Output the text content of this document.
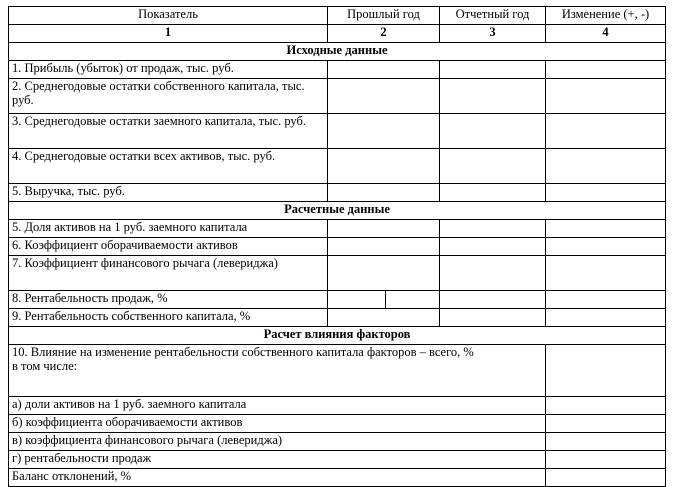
Показатель	Прошлый год	Отчетный год	Изменение (+, -)
1	2	3	4
Исходные данные			
1. Прибыль (убыток) от продаж, тыс. руб.			
2. Среднегодовые остатки собственного капитала, тыс. руб.			
3. Среднегодовые остатки заемного капитала, тыс. руб.			
4. Среднегодовые остатки всех активов, тыс. руб.			
5. Выручка, тыс. руб.			
Расчетные данные			
5. Доля активов на 1 руб. заемного капитала			
6. Коэффициент оборачиваемости активов			
7. Коэффициент финансового рычага (левериджа)			
8. Рентабельность продаж, %	

9. Рентабельность собственного капитала, %			
Расчет влияния факторов			

10. Влияние на изменение рентабельности собственного капитала факторов – всего, %
в том числе:			
а) доли активов на 1 руб. заемного капитала			
б) коэффициента оборачиваемости активов			
в) коэффициента финансового рычага (левериджа)			
г) рентабельности продаж			
Баланс отклонений, %			
